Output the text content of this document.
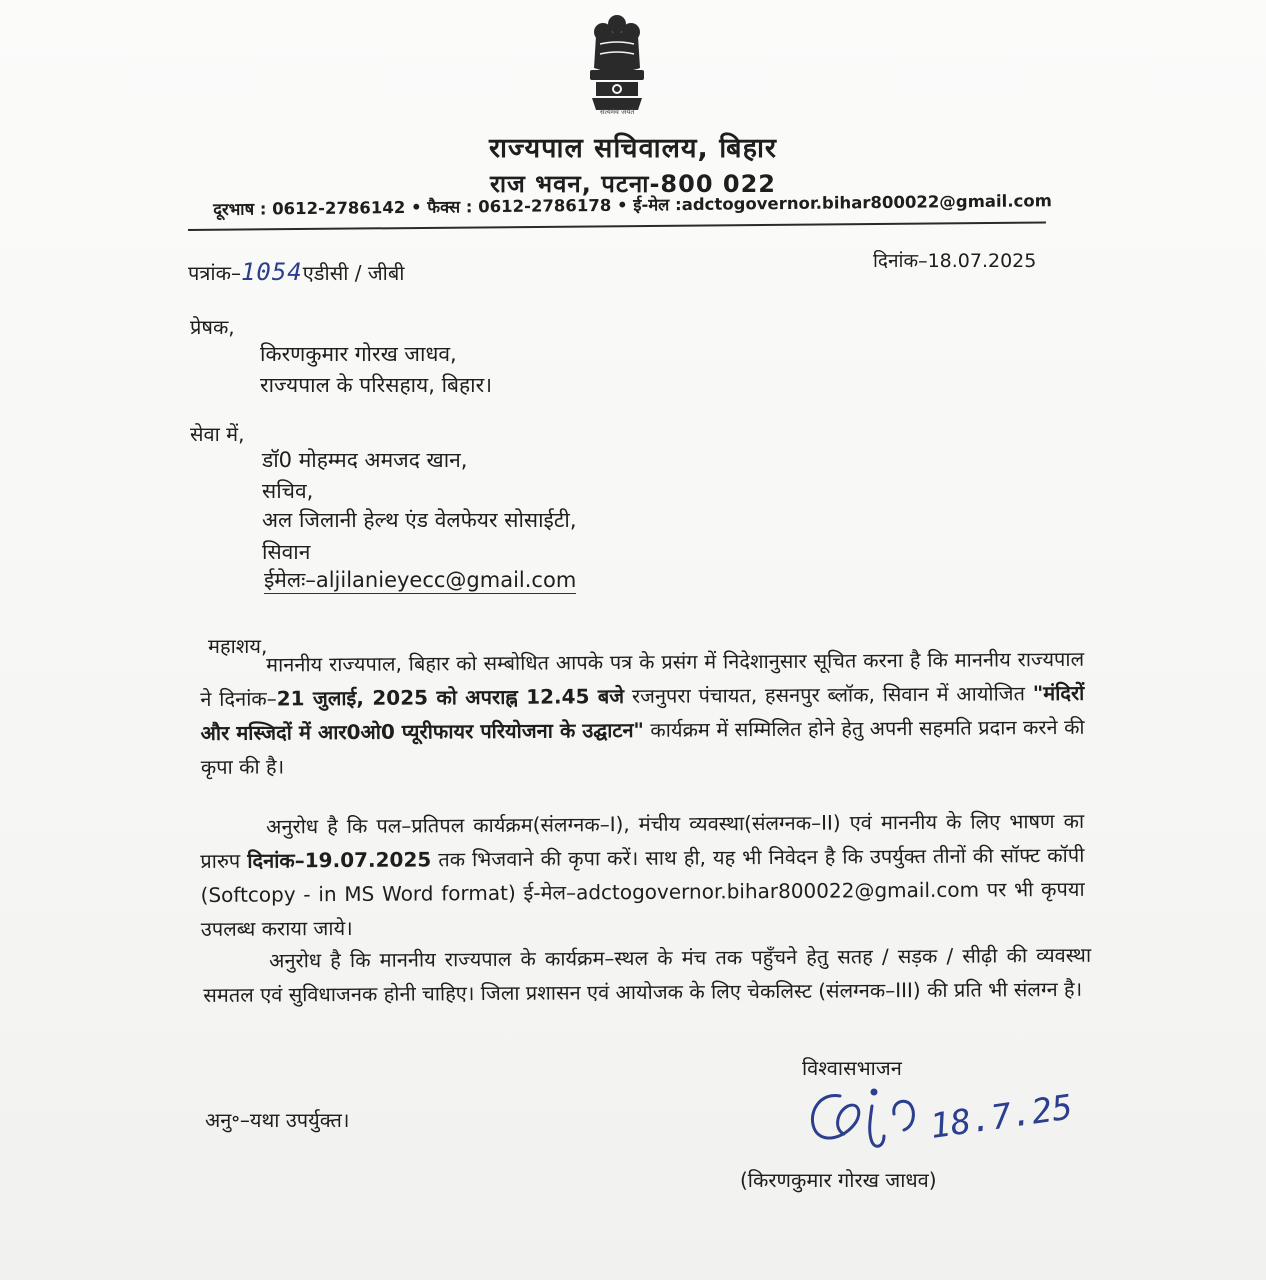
सत्यमेव जयते
राज्यपाल सचिवालय, बिहार
राज भवन, पटना-800 022
दूरभाष : 0612-2786142 • फैक्स : 0612-2786178 • ई-मेल :adctogovernor.bihar800022@gmail.com
पत्रांक–1054एडीसी / जीबी	दिनांक–18.07.2025
प्रेषक,
किरणकुमार गोरख जाधव,
राज्यपाल के परिसहाय, बिहार।
सेवा में,
डॉ0 मोहम्मद अमजद खान,
सचिव,
अल जिलानी हेल्थ एंड वेलफेयर सोसाईटी,
सिवान
ईमेलः–aljilanieyecc@gmail.com
महाशय,
माननीय राज्यपाल, बिहार को सम्बोधित आपके पत्र के प्रसंग में निदेशानुसार सूचित करना है कि माननीय राज्यपाल ने दिनांक–21 जुलाई, 2025 को अपराह्न 12.45 बजे रजनुपरा पंचायत, हसनपुर ब्लॉक, सिवान में आयोजित "मंदिरों और मस्जिदों में आर0ओ0 प्यूरीफायर परियोजना के उद्घाटन" कार्यक्रम में सम्मिलित होने हेतु अपनी सहमति प्रदान करने की कृपा की है।
अनुरोध है कि पल–प्रतिपल कार्यक्रम(संलग्नक–I), मंचीय व्यवस्था(संलग्नक–II) एवं माननीय के लिए भाषण का प्रारुप दिनांक–19.07.2025 तक भिजवाने की कृपा करें। साथ ही, यह भी निवेदन है कि उपर्युक्त तीनों की सॉफ्ट कॉपी (Softcopy - in MS Word format) ई-मेल–adctogovernor.bihar800022@gmail.com पर भी कृपया उपलब्ध कराया जाये।
अनुरोध है कि माननीय राज्यपाल के कार्यक्रम–स्थल के मंच तक पहुँचने हेतु सतह / सड़क / सीढ़ी की व्यवस्था समतल एवं सुविधाजनक होनी चाहिए। जिला प्रशासन एवं आयोजक के लिए चेकलिस्ट (संलग्नक–III) की प्रति भी संलग्न है।
विश्वासभाजन
अनु॰–यथा उपर्युक्त।	18.7.25
(किरणकुमार गोरख जाधव)
